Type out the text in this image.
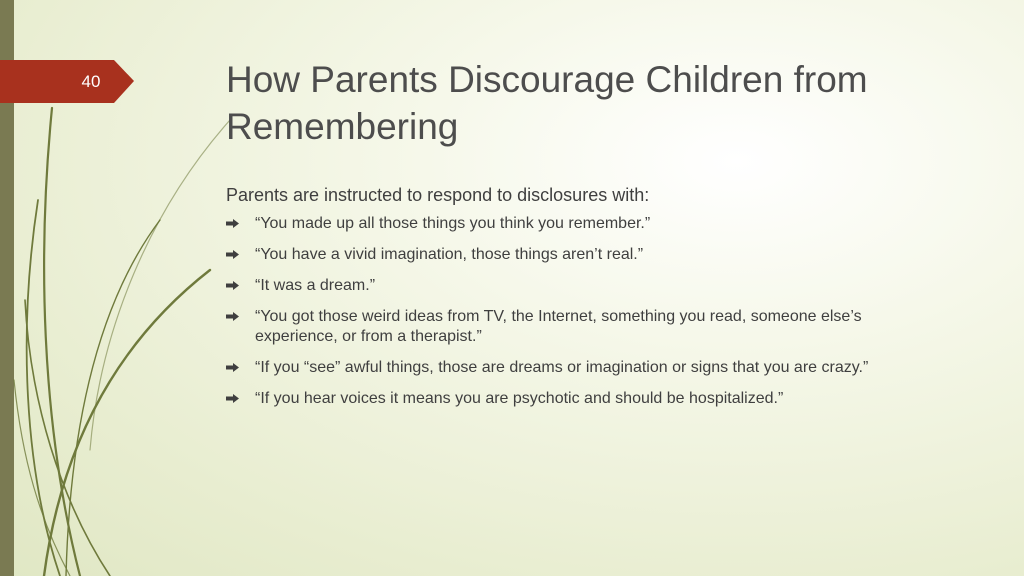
40	How Parents Discourage Children from Remembering

Parents are instructed to respond to disclosures with:

“You made up all those things you think you remember.”
“You have a vivid imagination, those things aren’t real.”
“It was a dream.”
“You got those weird ideas from TV, the Internet, something you read, someone else’s experience, or from a therapist.”
“If you “see” awful things, those are dreams or imagination or signs that you are crazy.”
“If you hear voices it means you are psychotic and should be hospitalized.”
